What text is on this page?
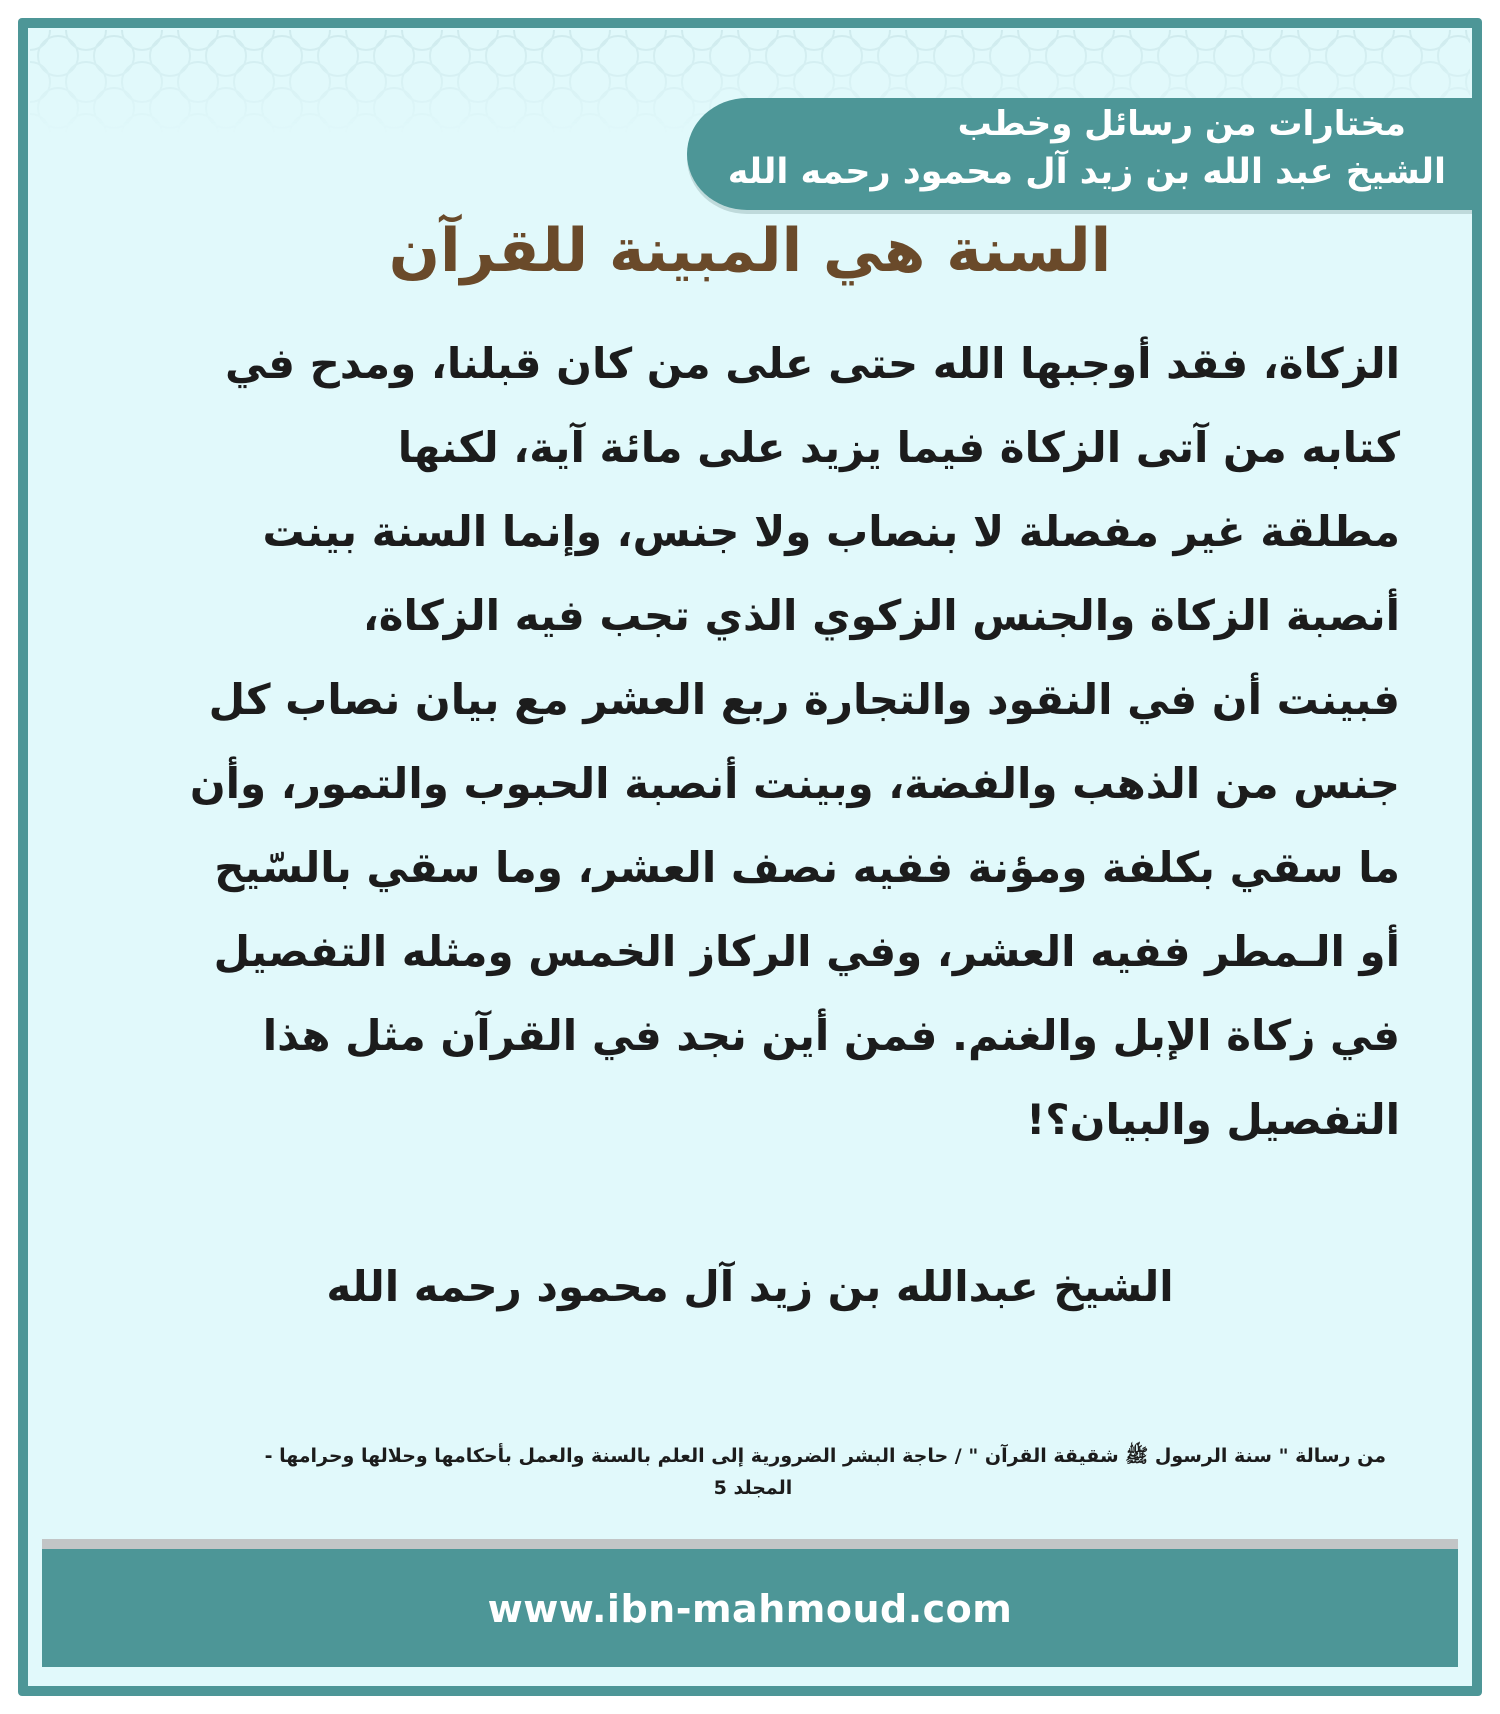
مختارات من رسائل وخطب
الشيخ عبد الله بن زيد آل محمود رحمه الله
السنة هي المبينة للقرآن
الزكاة، فقد أوجبها الله حتى على من كان قبلنا، ومدح في
كتابه من آتى الزكاة فيما يزيد على مائة آية، لكنها
مطلقة غير مفصلة لا بنصاب ولا جنس، وإنما السنة بينت
أنصبة الزكاة والجنس الزكوي الذي تجب فيه الزكاة،
فبينت أن في النقود والتجارة ربع العشر مع بيان نصاب كل
جنس من الذهب والفضة، وبينت أنصبة الحبوب والتمور، وأن
ما سقي بكلفة ومؤنة ففيه نصف العشر، وما سقي بالسّيح
أو الـمطر ففيه العشر، وفي الركاز الخمس ومثله التفصيل
في زكاة الإبل والغنم. فمن أين نجد في القرآن مثل هذا
التفصيل والبيان؟!
الشيخ عبدالله بن زيد آل محمود رحمه الله
من رسالة " سنة الرسول ﷺ شقيقة القرآن " / حاجة البشر الضرورية إلى العلم بالسنة والعمل بأحكامها وحلالها وحرامها -
المجلد 5
www.ibn-mahmoud.com
